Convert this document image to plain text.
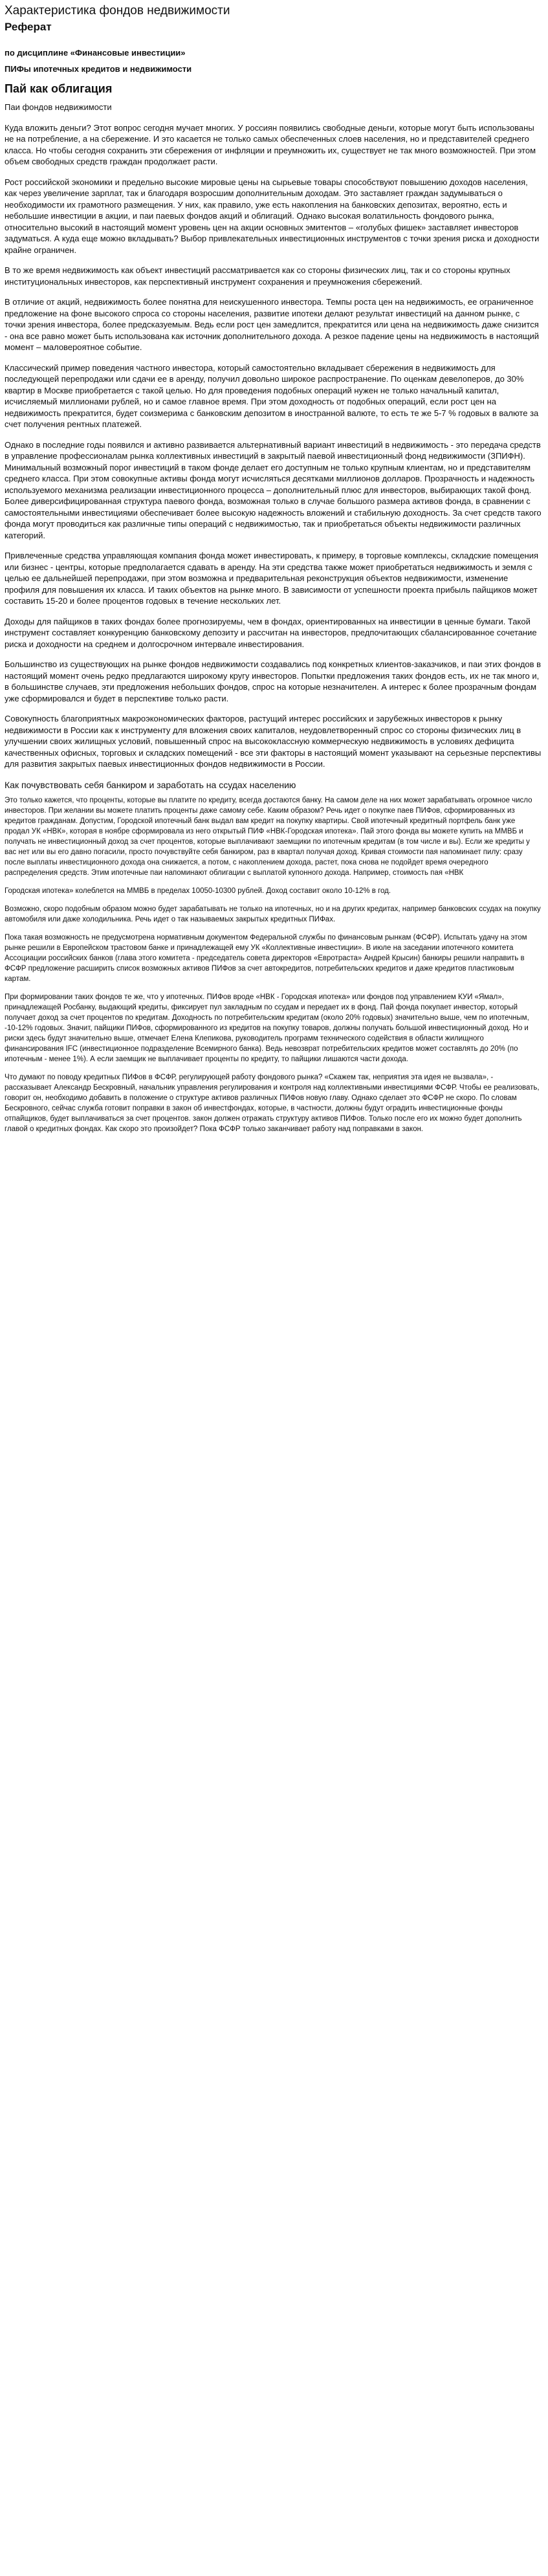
Характеристика фондов недвижимости
Реферат
по дисциплине «Финансовые инвестиции»
ПИФы ипотечных кредитов и недвижимости
Пай как облигация

Паи фондов недвижимости

Куда вложить деньги? Этот вопрос сегодня мучает многих. У россиян появились свободные деньги, которые могут быть использованы не на потребление, а на сбережение. И это касается не только самых обеспеченных слоев населения, но и представителей среднего класса. Но чтобы сегодня сохранить эти сбережения от инфляции и преумножить их, существует не так много возможностей. При этом объем свободных средств граждан продолжает расти.

Рост российской экономики и предельно высокие мировые цены на сырьевые товары способствуют повышению доходов населения, как через увеличение зарплат, так и благодаря возросшим дополнительным доходам. Это заставляет граждан задумываться о необходимости их грамотного размещения. У них, как правило, уже есть накопления на банковских депозитах, вероятно, есть и небольшие инвестиции в акции, и паи паевых фондов акций и облигаций. Однако высокая волатильность фондового рынка, относительно высокий в настоящий момент уровень цен на акции основных эмитентов – «голубых фишек» заставляет инвесторов задуматься. А куда еще можно вкладывать? Выбор привлекательных инвестиционных инструментов с точки зрения риска и доходности крайне ограничен.

В то же время недвижимость как объект инвестиций рассматривается как со стороны физических лиц, так и со стороны крупных институциональных инвесторов, как перспективный инструмент сохранения и преумножения сбережений.

В отличие от акций, недвижимость более понятна для неискушенного инвестора. Темпы роста цен на недвижимость, ее ограниченное предложение на фоне высокого спроса со стороны населения, развитие ипотеки делают результат инвестиций на данном рынке, с точки зрения инвестора, более предсказуемым. Ведь если рост цен замедлится, прекратится или цена на недвижимость даже снизится - она все равно может быть использована как источник дополнительного дохода. А резкое падение цены на недвижимость в настоящий момент – маловероятное событие.

Классический пример поведения частного инвестора, который самостоятельно вкладывает сбережения в недвижимость для последующей перепродажи или сдачи ее в аренду, получил довольно широкое распространение. По оценкам девелоперов, до 30% квартир в Москве приобретается с такой целью. Но для проведения подобных операций нужен не только начальный капитал, исчисляемый миллионами рублей, но и самое главное время. При этом доходность от подобных операций, если рост цен на недвижимость прекратится, будет соизмерима с банковским депозитом в иностранной валюте, то есть те же 5-7 % годовых в валюте за счет получения рентных платежей.

Однако в последние годы появился и активно развивается альтернативный вариант инвестиций в недвижимость - это передача средств в управление профессионалам рынка коллективных инвестиций в закрытый паевой инвестиционный фонд недвижимости (ЗПИФН). Минимальный возможный порог инвестиций в таком фонде делает его доступным не только крупным клиентам, но и представителям среднего класса. При этом совокупные активы фонда могут исчисляться десятками миллионов долларов. Прозрачность и надежность используемого механизма реализации инвестиционного процесса – дополнительный плюс для инвесторов, выбирающих такой фонд. Более диверсифицированная структура паевого фонда, возможная только в случае большого размера активов фонда, в сравнении с самостоятельными инвестициями обеспечивает более высокую надежность вложений и стабильную доходность. За счет средств такого фонда могут проводиться как различные типы операций с недвижимостью, так и приобретаться объекты недвижимости различных категорий.

Привлеченные средства управляющая компания фонда может инвестировать, к примеру, в торговые комплексы, складские помещения или бизнес - центры, которые предполагается сдавать в аренду. На эти средства также может приобретаться недвижимость и земля с целью ее дальнейшей перепродажи, при этом возможна и предварительная реконструкция объектов недвижимости, изменение профиля для повышения их класса. И таких объектов на рынке много. В зависимости от успешности проекта прибыль пайщиков может составить 15-20 и более процентов годовых в течение нескольких лет.

Доходы для пайщиков в таких фондах более прогнозируемы, чем в фондах, ориентированных на инвестиции в ценные бумаги. Такой инструмент составляет конкуренцию банковскому депозиту и рассчитан на инвесторов, предпочитающих сбалансированное сочетание риска и доходности на среднем и долгосрочном интервале инвестирования.

Большинство из существующих на рынке фондов недвижимости создавались под конкретных клиентов-заказчиков, и паи этих фондов в настоящий момент очень редко предлагаются широкому кругу инвесторов. Попытки предложения таких фондов есть, их не так много и, в большинстве случаев, эти предложения небольших фондов, спрос на которые незначителен. А интерес к более прозрачным фондам уже сформировался и будет в перспективе только расти.

Совокупность благоприятных макроэкономических факторов, растущий интерес российских и зарубежных инвесторов к рынку недвижимости в России как к инструменту для вложения своих капиталов, неудовлетворенный спрос со стороны физических лиц в улучшении своих жилищных условий, повышенный спрос на высококлассную коммерческую недвижимость в условиях дефицита качественных офисных, торговых и складских помещений - все эти факторы в настоящий момент указывают на серьезные перспективы для развития закрытых паевых инвестиционных фондов недвижимости в России.

Как почувствовать себя банкиром и заработать на ссудах населению

Это только кажется, что проценты, которые вы платите по кредиту, всегда достаются банку. На самом деле на них может зарабатывать огромное число инвесторов. При желании вы можете платить проценты даже самому себе. Каким образом? Речь идет о покупке паев ПИФов, сформированных из кредитов гражданам. Допустим, Городской ипотечный банк выдал вам кредит на покупку квартиры. Свой ипотечный кредитный портфель банк уже продал УК «НВК», которая в ноябре сформировала из него открытый ПИФ «НВК-Городская ипотека». Пай этого фонда вы можете купить на ММВБ и получать не инвестиционный доход за счет процентов, которые выплачивают заемщики по ипотечным кредитам (в том числе и вы). Если же кредиты у вас нет или вы его давно погасили, просто почувствуйте себя банкиром, раз в квартал получая доход. Кривая стоимости пая напоминает пилу: сразу после выплаты инвестиционного дохода она снижается, а потом, с накоплением дохода, растет, пока снова не подойдет время очередного распределения средств. Этим ипотечные паи напоминают облигации с выплатой купонного дохода. Например, стоимость пая «НВК

Городская ипотека» колеблется на ММВБ в пределах 10050-10300 рублей. Доход составит около 10-12% в год.

Возможно, скоро подобным образом можно будет зарабатывать не только на ипотечных, но и на других кредитах, например банковских ссудах на покупку автомобиля или даже холодильника. Речь идет о так называемых закрытых кредитных ПИФах.

Пока такая возможность не предусмотрена нормативным документом Федеральной службы по финансовым рынкам (ФСФР). Испытать удачу на этом рынке решили в Европейском трастовом банке и принадлежащей ему УК «Коллективные инвестиции». В июле на заседании ипотечного комитета Ассоциации российских банков (глава этого комитета - председатель совета директоров «Евротраста» Андрей Крысин) банкиры решили направить в ФСФР предложение расширить список возможных активов ПИФов за счет автокредитов, потребительских кредитов и даже кредитов пластиковым картам.

При формировании таких фондов те же, что у ипотечных. ПИФов вроде «НВК - Городская ипотека» или фондов под управлением КУИ «Ямал», принадлежащей Росбанку, выдающий кредиты, фиксирует пул закладным по ссудам и передает их в фонд. Пай фонда покупает инвестор, который получает доход за счет процентов по кредитам. Доходность по потребительским кредитам (около 20% годовых) значительно выше, чем по ипотечным, -10-12% годовых. Значит, пайщики ПИФов, сформированного из кредитов на покупку товаров, должны получать большой инвестиционный доход. Но и риски здесь будут значительно выше, отмечает Елена Клепикова, руководитель программ технического содействия в области жилищного финансирования IFC (инвестиционное подразделение Всемирного банка). Ведь невозврат потребительских кредитов может составлять до 20% (по ипотечным - менее 1%). А если заемщик не выплачивает проценты по кредиту, то пайщики лишаются части дохода.

Что думают по поводу кредитных ПИФов в ФСФР, регулирующей работу фондового рынка? «Скажем так, неприятия эта идея не вызвала», - рассказывает Александр Бескровный, начальник управления регулирования и контроля над коллективными инвестициями ФСФР. Чтобы ее реализовать, говорит он, необходимо добавить в положение о структуре активов различных ПИФов новую главу. Однако сделает это ФСФР не скоро. По словам Бескровного, сейчас служба готовит поправки в закон об инвестфондах, которые, в частности, должны будут оградить инвестиционные фонды отпайщиков, будет выплачиваться за счет процентов. закон должен отражать структуру активов ПИФов. Только после его их можно будет дополнить главой о кредитных фондах. Как скоро это произойдет? Пока ФСФР только заканчивает работу над поправками в закон.
